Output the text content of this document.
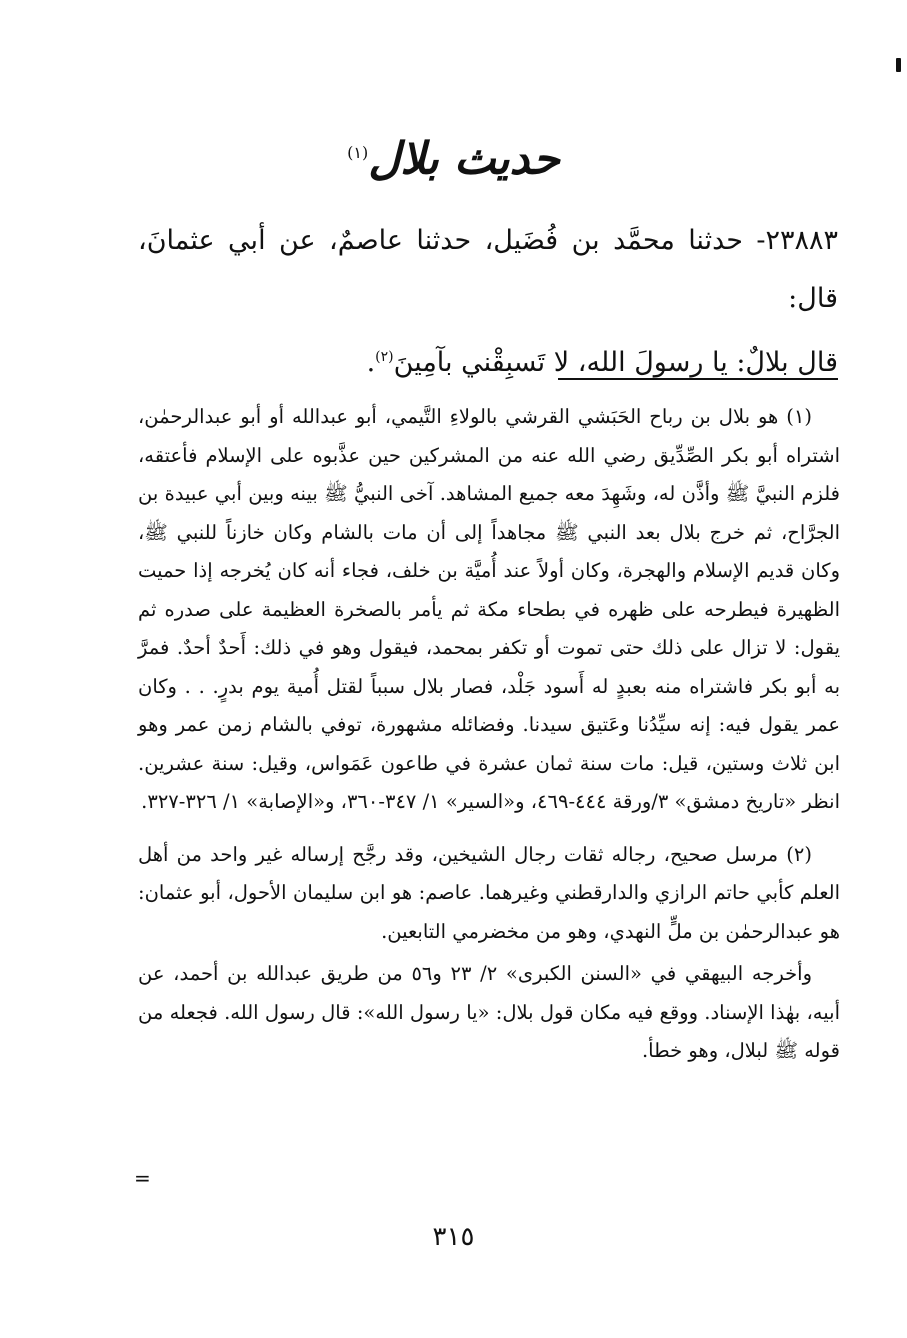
حديث بلال$^{(١)}$
٢٣٨٨٣- حدثنا محمَّد بن فُضَيل، حدثنا عاصمٌ، عن أبي عثمانَ، قال:
قال بلالٌ: يا رسولَ الله، لا تَسبِقْني بآمِينَ$^{(٢)}$.

(١) هو بلال بن رباح الحَبَشي القرشي بالولاءِ التَّيمي، أبو عبدالله أو أبو عبدالرحمٰن، اشتراه أبو بكر الصِّدِّيق رضي الله عنه من المشركين حين عذَّبوه على الإسلام فأعتقه، فلزم النبيَّ ﷺ وأذَّن له، وشَهِدَ معه جميع المشاهد. آخى النبيُّ ﷺ بينه وبين أبي عبيدة بن الجرَّاح، ثم خرج بلال بعد النبي ﷺ مجاهداً إلى أن مات بالشام وكان خازناً للنبي ﷺ، وكان قديم الإسلام والهجرة، وكان أولاً عند أُميَّة بن خلف، فجاء أنه كان يُخرجه إذا حميت الظهيرة فيطرحه على ظهره في بطحاء مكة ثم يأمر بالصخرة العظيمة على صدره ثم يقول: لا تزال على ذلك حتى تموت أو تكفر بمحمد، فيقول وهو في ذلك: أَحدٌ أحدٌ. فمرَّ به أبو بكر فاشتراه منه بعبدٍ له أَسود جَلْد، فصار بلال سبباً لقتل أُمية يوم بدرٍ. . . وكان عمر يقول فيه: إنه سيِّدُنا وعَتيق سيدنا. وفضائله مشهورة، توفي بالشام زمن عمر وهو ابن ثلاث وستين، قيل: مات سنة ثمان عشرة في طاعون عَمَواس، وقيل: سنة عشرين. انظر «تاريخ دمشق» ٣/ورقة ٤٤٤-٤٦٩، و«السير» ١/ ٣٤٧-٣٦٠، و«الإصابة» ١/ ٣٢٦-٣٢٧.

(٢) مرسل صحيح، رجاله ثقات رجال الشيخين، وقد رجَّح إرساله غير واحد من أهل العلم كأبي حاتم الرازي والدارقطني وغيرهما. عاصم: هو ابن سليمان الأحول، أبو عثمان: هو عبدالرحمٰن بن ملٍّ النهدي، وهو من مخضرمي التابعين.

وأخرجه البيهقي في «السنن الكبرى» ٢/ ٢٣ و٥٦ من طريق عبدالله بن أحمد، عن أبيه، بهٰذا الإسناد. ووقع فيه مكان قول بلال: «يا رسول الله»: قال رسول الله. فجعله من قوله ﷺ لبلال، وهو خطأ.

=
٣١٥
